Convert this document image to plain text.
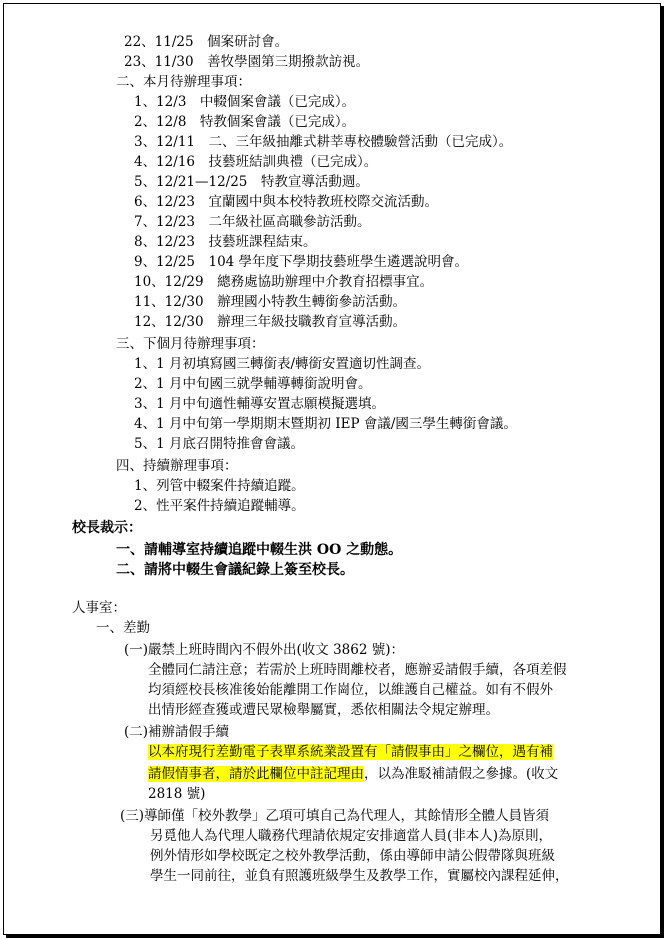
22、11/25　個案研討會。
23、11/30　善牧學園第三期撥款訪視。
二、本月待辦理事項：
1、12/3　中輟個案會議（已完成）。
2、12/8　特教個案會議（已完成）。
3、12/11　二、三年級抽離式耕莘專校體驗營活動（已完成）。
4、12/16　技藝班結訓典禮（已完成）。
5、12/21—12/25　特教宣導活動週。
6、12/23　宜蘭國中與本校特教班校際交流活動。
7、12/23　二年級社區高職參訪活動。
8、12/23　技藝班課程結束。
9、12/25　104 學年度下學期技藝班學生遴選說明會。
10、12/29　總務處協助辦理中介教育招標事宜。
11、12/30　辦理國小特教生轉銜參訪活動。
12、12/30　辦理三年級技職教育宣導活動。
三、下個月待辦理事項：
1、1 月初填寫國三轉銜表/轉銜安置適切性調查。
2、1 月中旬國三就學輔導轉銜說明會。
3、1 月中旬適性輔導安置志願模擬選填。
4、1 月中旬第一學期期末暨期初 IEP 會議/國三學生轉銜會議。
5、1 月底召開特推會會議。
四、持續辦理事項：
1、列管中輟案件持續追蹤。
2、性平案件持續追蹤輔導。
校長裁示：
一、請輔導室持續追蹤中輟生洪 OO 之動態。
二、請將中輟生會議紀錄上簽至校長。
人事室：
一、差勤
(一)嚴禁上班時間內不假外出(收文 3862 號)：
全體同仁請注意；若需於上班時間離校者，應辦妥請假手續，各項差假
均須經校長核准後始能離開工作崗位，以維護自己權益。如有不假外
出情形經查獲或遭民眾檢舉屬實，悉依相關法令規定辦理。
(二)補辦請假手續
以本府現行差勤電子表單系統業設置有「請假事由」之欄位，遇有補
請假情事者，請於此欄位中註記理由，以為准駁補請假之參據。(收文
2818 號)
(三)導師僅「校外教學」乙項可填自己為代理人，其餘情形全體人員皆須
另覓他人為代理人職務代理請依規定安排適當人員(非本人)為原則，
例外情形如學校既定之校外教學活動，係由導師申請公假帶隊與班級
學生一同前往，並負有照護班級學生及教學工作，實屬校內課程延伸，
